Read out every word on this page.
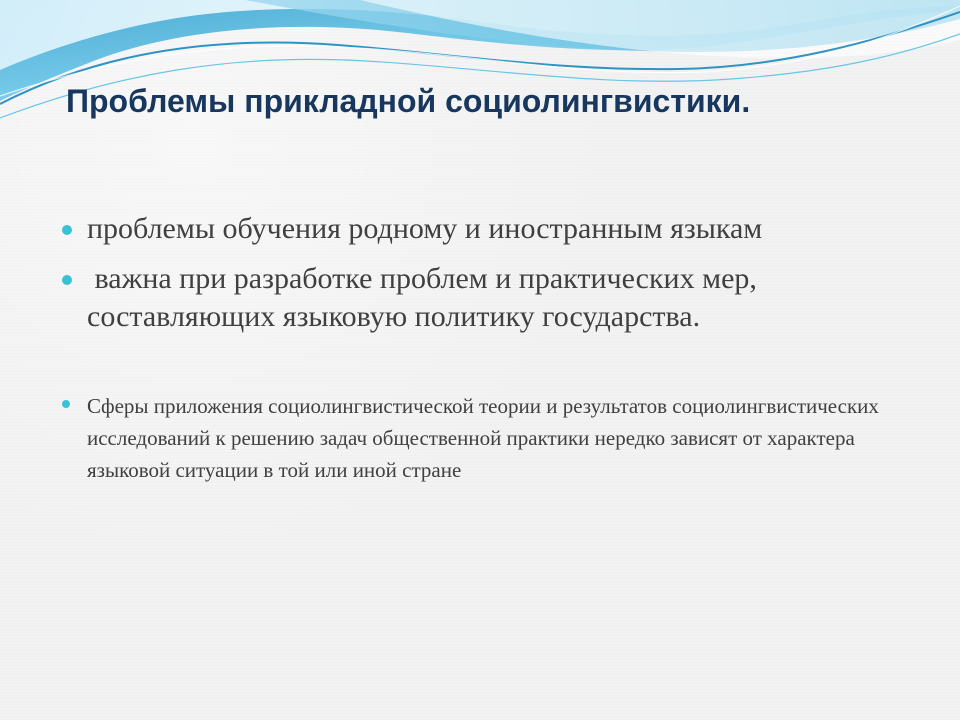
Проблемы прикладной социолингвистики.
проблемы обучения родному и иностранным языкам
важна при разработке проблем и практических мер, составляющих языковую политику государства.
Сферы приложения социолингвистической теории и результатов социолингвистических исследований к решению задач общественной практики нередко зависят от характера языковой ситуации в той или иной стране
